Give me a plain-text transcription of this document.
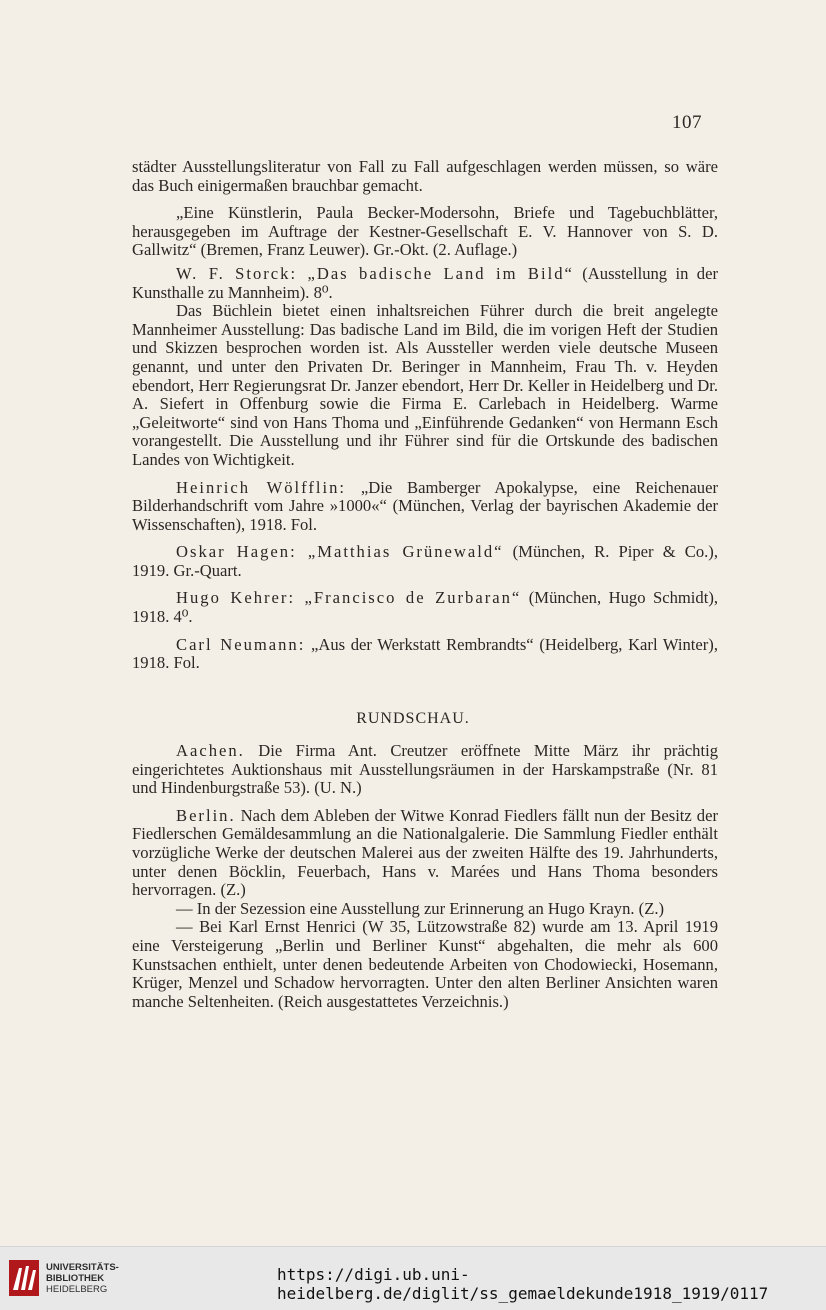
107

städter Ausstellungsliteratur von Fall zu Fall aufgeschlagen werden müssen, so wäre das Buch einigermaßen brauchbar gemacht.

„Eine Künstlerin, Paula Becker-Modersohn, Briefe und Tagebuchblätter, herausgegeben im Auftrage der Kestner-Gesellschaft E. V. Hannover von S. D. Gallwitz“ (Bremen, Franz Leuwer). Gr.-Okt. (2. Auflage.)

W. F. Storck: „Das badische Land im Bild“ (Ausstellung in der Kunsthalle zu Mannheim). 8⁰.

Das Büchlein bietet einen inhaltsreichen Führer durch die breit angelegte Mannheimer Ausstellung: Das badische Land im Bild, die im vorigen Heft der Studien und Skizzen besprochen worden ist. Als Aussteller werden viele deutsche Museen genannt, und unter den Privaten Dr. Beringer in Mannheim, Frau Th. v. Heyden ebendort, Herr Regierungsrat Dr. Janzer ebendort, Herr Dr. Keller in Heidelberg und Dr. A. Siefert in Offenburg sowie die Firma E. Carlebach in Heidelberg. Warme „Geleitworte“ sind von Hans Thoma und „Einführende Gedanken“ von Hermann Esch vorangestellt. Die Ausstellung und ihr Führer sind für die Ortskunde des badischen Landes von Wichtigkeit.

Heinrich Wölfflin: „Die Bamberger Apokalypse, eine Reichenauer Bilderhandschrift vom Jahre »1000«“ (München, Verlag der bayrischen Akademie der Wissenschaften), 1918. Fol.

Oskar Hagen: „Matthias Grünewald“ (München, R. Piper & Co.), 1919. Gr.-Quart.

Hugo Kehrer: „Francisco de Zurbaran“ (München, Hugo Schmidt), 1918. 4⁰.

Carl Neumann: „Aus der Werkstatt Rembrandts“ (Heidelberg, Karl Winter), 1918. Fol.

RUNDSCHAU.

Aachen. Die Firma Ant. Creutzer eröffnete Mitte März ihr prächtig eingerichtetes Auktionshaus mit Ausstellungsräumen in der Harskampstraße (Nr. 81 und Hindenburgstraße 53). (U. N.)

Berlin. Nach dem Ableben der Witwe Konrad Fiedlers fällt nun der Besitz der Fiedlerschen Gemäldesammlung an die Nationalgalerie. Die Sammlung Fiedler enthält vorzügliche Werke der deutschen Malerei aus der zweiten Hälfte des 19. Jahrhunderts, unter denen Böcklin, Feuerbach, Hans v. Marées und Hans Thoma besonders hervorragen. (Z.)

— In der Sezession eine Ausstellung zur Erinnerung an Hugo Krayn. (Z.)

— Bei Karl Ernst Henrici (W 35, Lützowstraße 82) wurde am 13. April 1919 eine Versteigerung „Berlin und Berliner Kunst“ abgehalten, die mehr als 600 Kunstsachen enthielt, unter denen bedeutende Arbeiten von Chodowiecki, Hosemann, Krüger, Menzel und Schadow hervorragten. Unter den alten Berliner Ansichten waren manche Seltenheiten. (Reich ausgestattetes Verzeichnis.)

UNIVERSITÄTS-
BIBLIOTHEK
HEIDELBERG
https://digi.ub.uni-heidelberg.de/diglit/ss_gemaeldekunde1918_1919/0117
